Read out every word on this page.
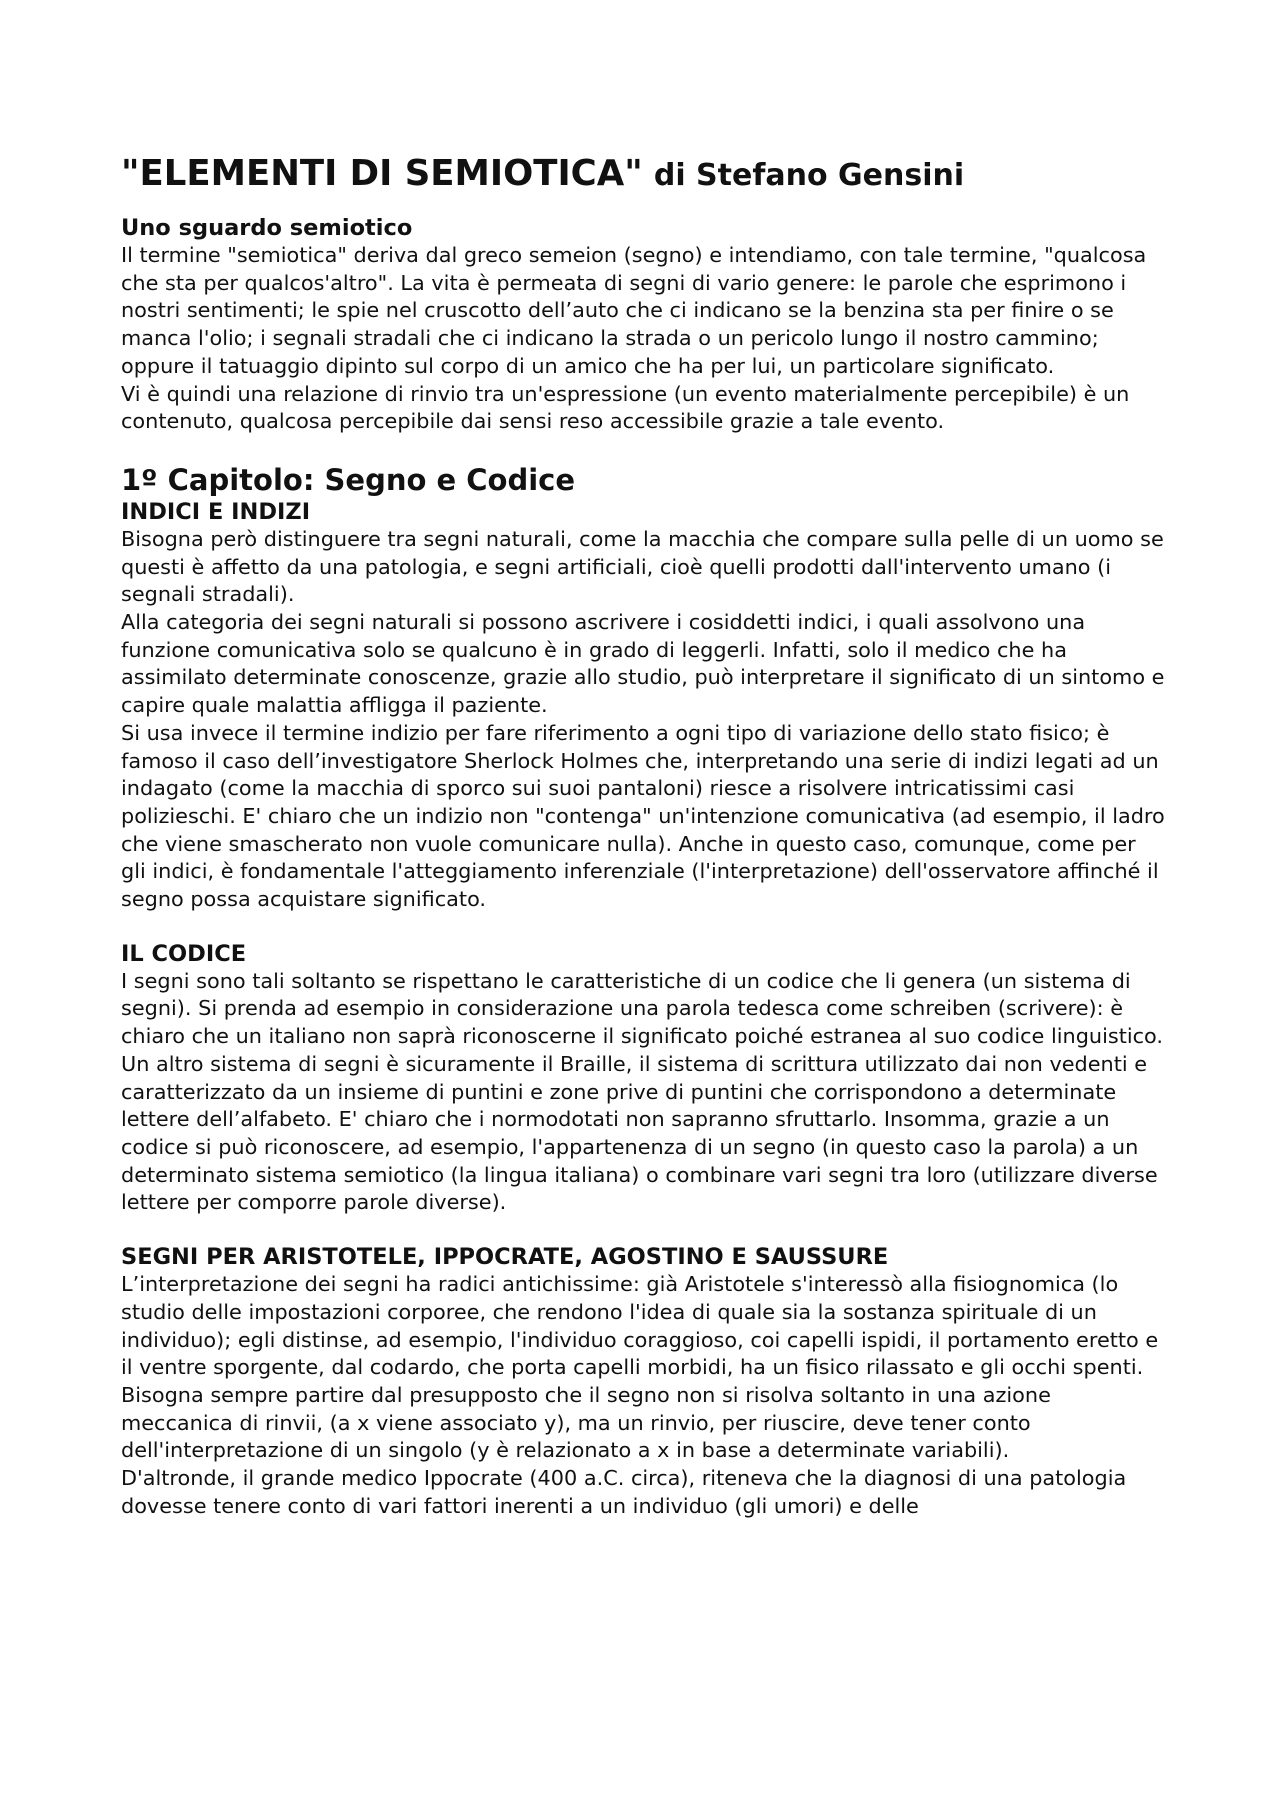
"ELEMENTI DI SEMIOTICA" di Stefano Gensini
Uno sguardo semiotico

Il termine "semiotica" deriva dal greco semeion (segno) e intendiamo, con tale termine, "qualcosa che sta per qualcos'altro". La vita è permeata di segni di vario genere: le parole che esprimono i nostri sentimenti; le spie nel cruscotto dell’auto che ci indicano se la benzina sta per finire o se manca l'olio; i segnali stradali che ci indicano la strada o un pericolo lungo il nostro cammino; oppure il tatuaggio dipinto sul corpo di un amico che ha per lui, un particolare significato.

Vi è quindi una relazione di rinvio tra un'espressione (un evento materialmente percepibile) è un contenuto, qualcosa percepibile dai sensi reso accessibile grazie a tale evento.

1º Capitolo: Segno e Codice
INDICI E INDIZI

Bisogna però distinguere tra segni naturali, come la macchia che compare sulla pelle di un uomo se questi è affetto da una patologia, e segni artificiali, cioè quelli prodotti dall'intervento umano (i segnali stradali).

Alla categoria dei segni naturali si possono ascrivere i cosiddetti indici, i quali assolvono una funzione comunicativa solo se qualcuno è in grado di leggerli. Infatti, solo il medico che ha assimilato determinate conoscenze, grazie allo studio, può interpretare il significato di un sintomo e capire quale malattia affligga il paziente.

Si usa invece il termine indizio per fare riferimento a ogni tipo di variazione dello stato fisico; è famoso il caso dell’investigatore Sherlock Holmes che, interpretando una serie di indizi legati ad un indagato (come la macchia di sporco sui suoi pantaloni) riesce a risolvere intricatissimi casi polizieschi. E' chiaro che un indizio non "contenga" un'intenzione comunicativa (ad esempio, il ladro che viene smascherato non vuole comunicare nulla). Anche in questo caso, comunque, come per gli indici, è fondamentale l'atteggiamento inferenziale (l'interpretazione) dell'osservatore affinché il segno possa acquistare significato.

IL CODICE

I segni sono tali soltanto se rispettano le caratteristiche di un codice che li genera (un sistema di segni). Si prenda ad esempio in considerazione una parola tedesca come schreiben (scrivere): è chiaro che un italiano non saprà riconoscerne il significato poiché estranea al suo codice linguistico. Un altro sistema di segni è sicuramente il Braille, il sistema di scrittura utilizzato dai non vedenti e caratterizzato da un insieme di puntini e zone prive di puntini che corrispondono a determinate lettere dell’alfabeto. E' chiaro che i normodotati non sapranno sfruttarlo. Insomma, grazie a un codice si può riconoscere, ad esempio, l'appartenenza di un segno (in questo caso la parola) a un determinato sistema semiotico (la lingua italiana) o combinare vari segni tra loro (utilizzare diverse lettere per comporre parole diverse).

SEGNI PER ARISTOTELE, IPPOCRATE, AGOSTINO E SAUSSURE

L’interpretazione dei segni ha radici antichissime: già Aristotele s'interessò alla fisiognomica (lo studio delle impostazioni corporee, che rendono l'idea di quale sia la sostanza spirituale di un individuo); egli distinse, ad esempio, l'individuo coraggioso, coi capelli ispidi, il portamento eretto e il ventre sporgente, dal codardo, che porta capelli morbidi, ha un fisico rilassato e gli occhi spenti. Bisogna sempre partire dal presupposto che il segno non si risolva soltanto in una azione meccanica di rinvii, (a x viene associato y), ma un rinvio, per riuscire, deve tener conto dell'interpretazione di un singolo (y è relazionato a x in base a determinate variabili).

D'altronde, il grande medico Ippocrate (400 a.C. circa), riteneva che la diagnosi di una patologia dovesse tenere conto di vari fattori inerenti a un individuo (gli umori) e delle
